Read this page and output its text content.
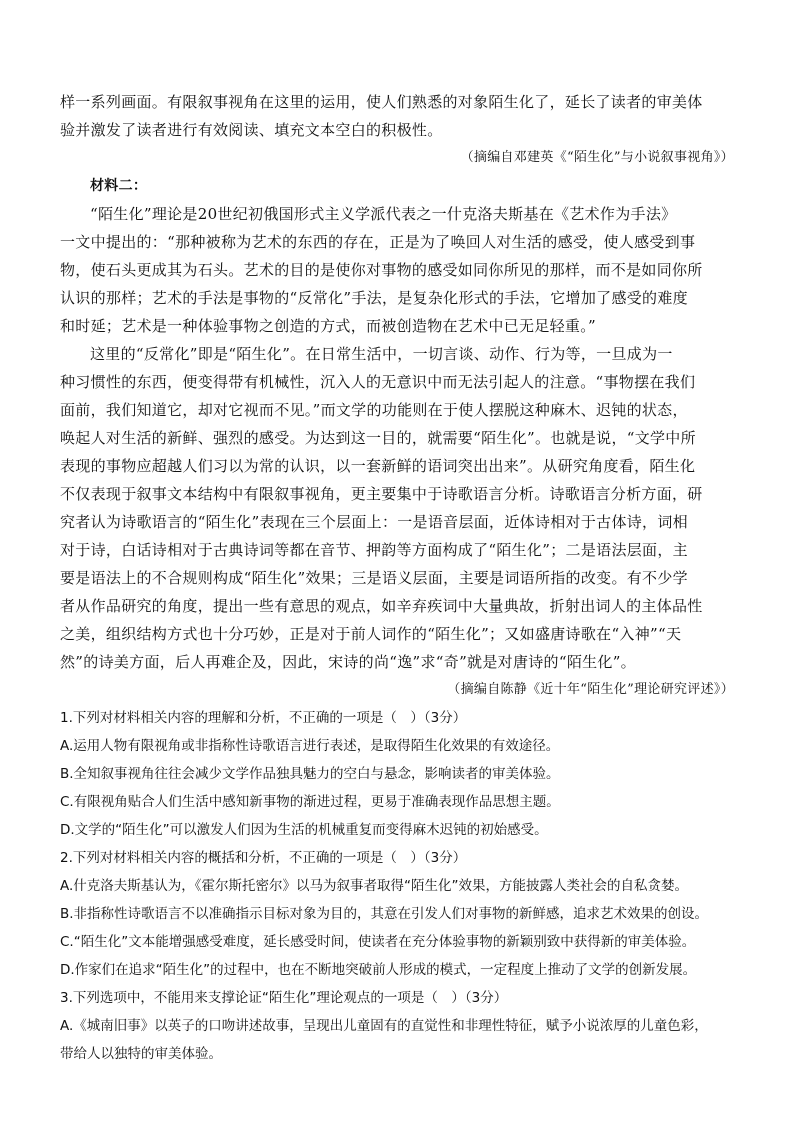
样一系列画面。有限叙事视角在这里的运用，使人们熟悉的对象陌生化了，延长了读者的审美体
验并激发了读者进行有效阅读、填充文本空白的积极性。
（摘编自邓建英《“陌生化”与小说叙事视角》）
材料二：
“陌生化”理论是20世纪初俄国形式主义学派代表之一什克洛夫斯基在《艺术作为手法》
一文中提出的：“那种被称为艺术的东西的存在，正是为了唤回人对生活的感受，使人感受到事
物，使石头更成其为石头。艺术的目的是使你对事物的感受如同你所见的那样，而不是如同你所
认识的那样；艺术的手法是事物的“反常化”手法，是复杂化形式的手法，它增加了感受的难度
和时延；艺术是一种体验事物之创造的方式，而被创造物在艺术中已无足轻重。”
这里的“反常化”即是“陌生化”。在日常生活中，一切言谈、动作、行为等，一旦成为一
种习惯性的东西，便变得带有机械性，沉入人的无意识中而无法引起人的注意。“事物摆在我们
面前，我们知道它，却对它视而不见。”而文学的功能则在于使人摆脱这种麻木、迟钝的状态，
唤起人对生活的新鲜、强烈的感受。为达到这一目的，就需要“陌生化”。也就是说，“文学中所
表现的事物应超越人们习以为常的认识，以一套新鲜的语词突出出来”。从研究角度看，陌生化
不仅表现于叙事文本结构中有限叙事视角，更主要集中于诗歌语言分析。诗歌语言分析方面，研
究者认为诗歌语言的“陌生化”表现在三个层面上：一是语音层面，近体诗相对于古体诗，词相
对于诗，白话诗相对于古典诗词等都在音节、押韵等方面构成了“陌生化”；二是语法层面，主
要是语法上的不合规则构成“陌生化”效果；三是语义层面，主要是词语所指的改变。有不少学
者从作品研究的角度，提出一些有意思的观点，如辛弃疾词中大量典故，折射出词人的主体品性
之美，组织结构方式也十分巧妙，正是对于前人词作的“陌生化”；又如盛唐诗歌在“入神”“天
然”的诗美方面，后人再难企及，因此，宋诗的尚“逸”求“奇”就是对唐诗的“陌生化”。
（摘编自陈静《近十年“陌生化”理论研究评述》）
1.下列对材料相关内容的理解和分析，不正确的一项是（　）（3分）
A.运用人物有限视角或非指称性诗歌语言进行表述，是取得陌生化效果的有效途径。
B.全知叙事视角往往会减少文学作品独具魅力的空白与悬念，影响读者的审美体验。
C.有限视角贴合人们生活中感知新事物的渐进过程，更易于准确表现作品思想主题。
D.文学的“陌生化”可以激发人们因为生活的机械重复而变得麻木迟钝的初始感受。
2.下列对材料相关内容的概括和分析，不正确的一项是（　）（3分）
A.什克洛夫斯基认为，《霍尔斯托密尔》以马为叙事者取得“陌生化”效果，方能披露人类社会的自私贪婪。
B.非指称性诗歌语言不以准确指示目标对象为目的，其意在引发人们对事物的新鲜感，追求艺术效果的创设。
C.“陌生化”文本能增强感受难度，延长感受时间，使读者在充分体验事物的新颖别致中获得新的审美体验。
D.作家们在追求“陌生化”的过程中，也在不断地突破前人形成的模式，一定程度上推动了文学的创新发展。
3.下列选项中，不能用来支撑论证“陌生化”理论观点的一项是（　）（3分）
A.《城南旧事》以英子的口吻讲述故事，呈现出儿童固有的直觉性和非理性特征，赋予小说浓厚的儿童色彩，
带给人以独特的审美体验。
